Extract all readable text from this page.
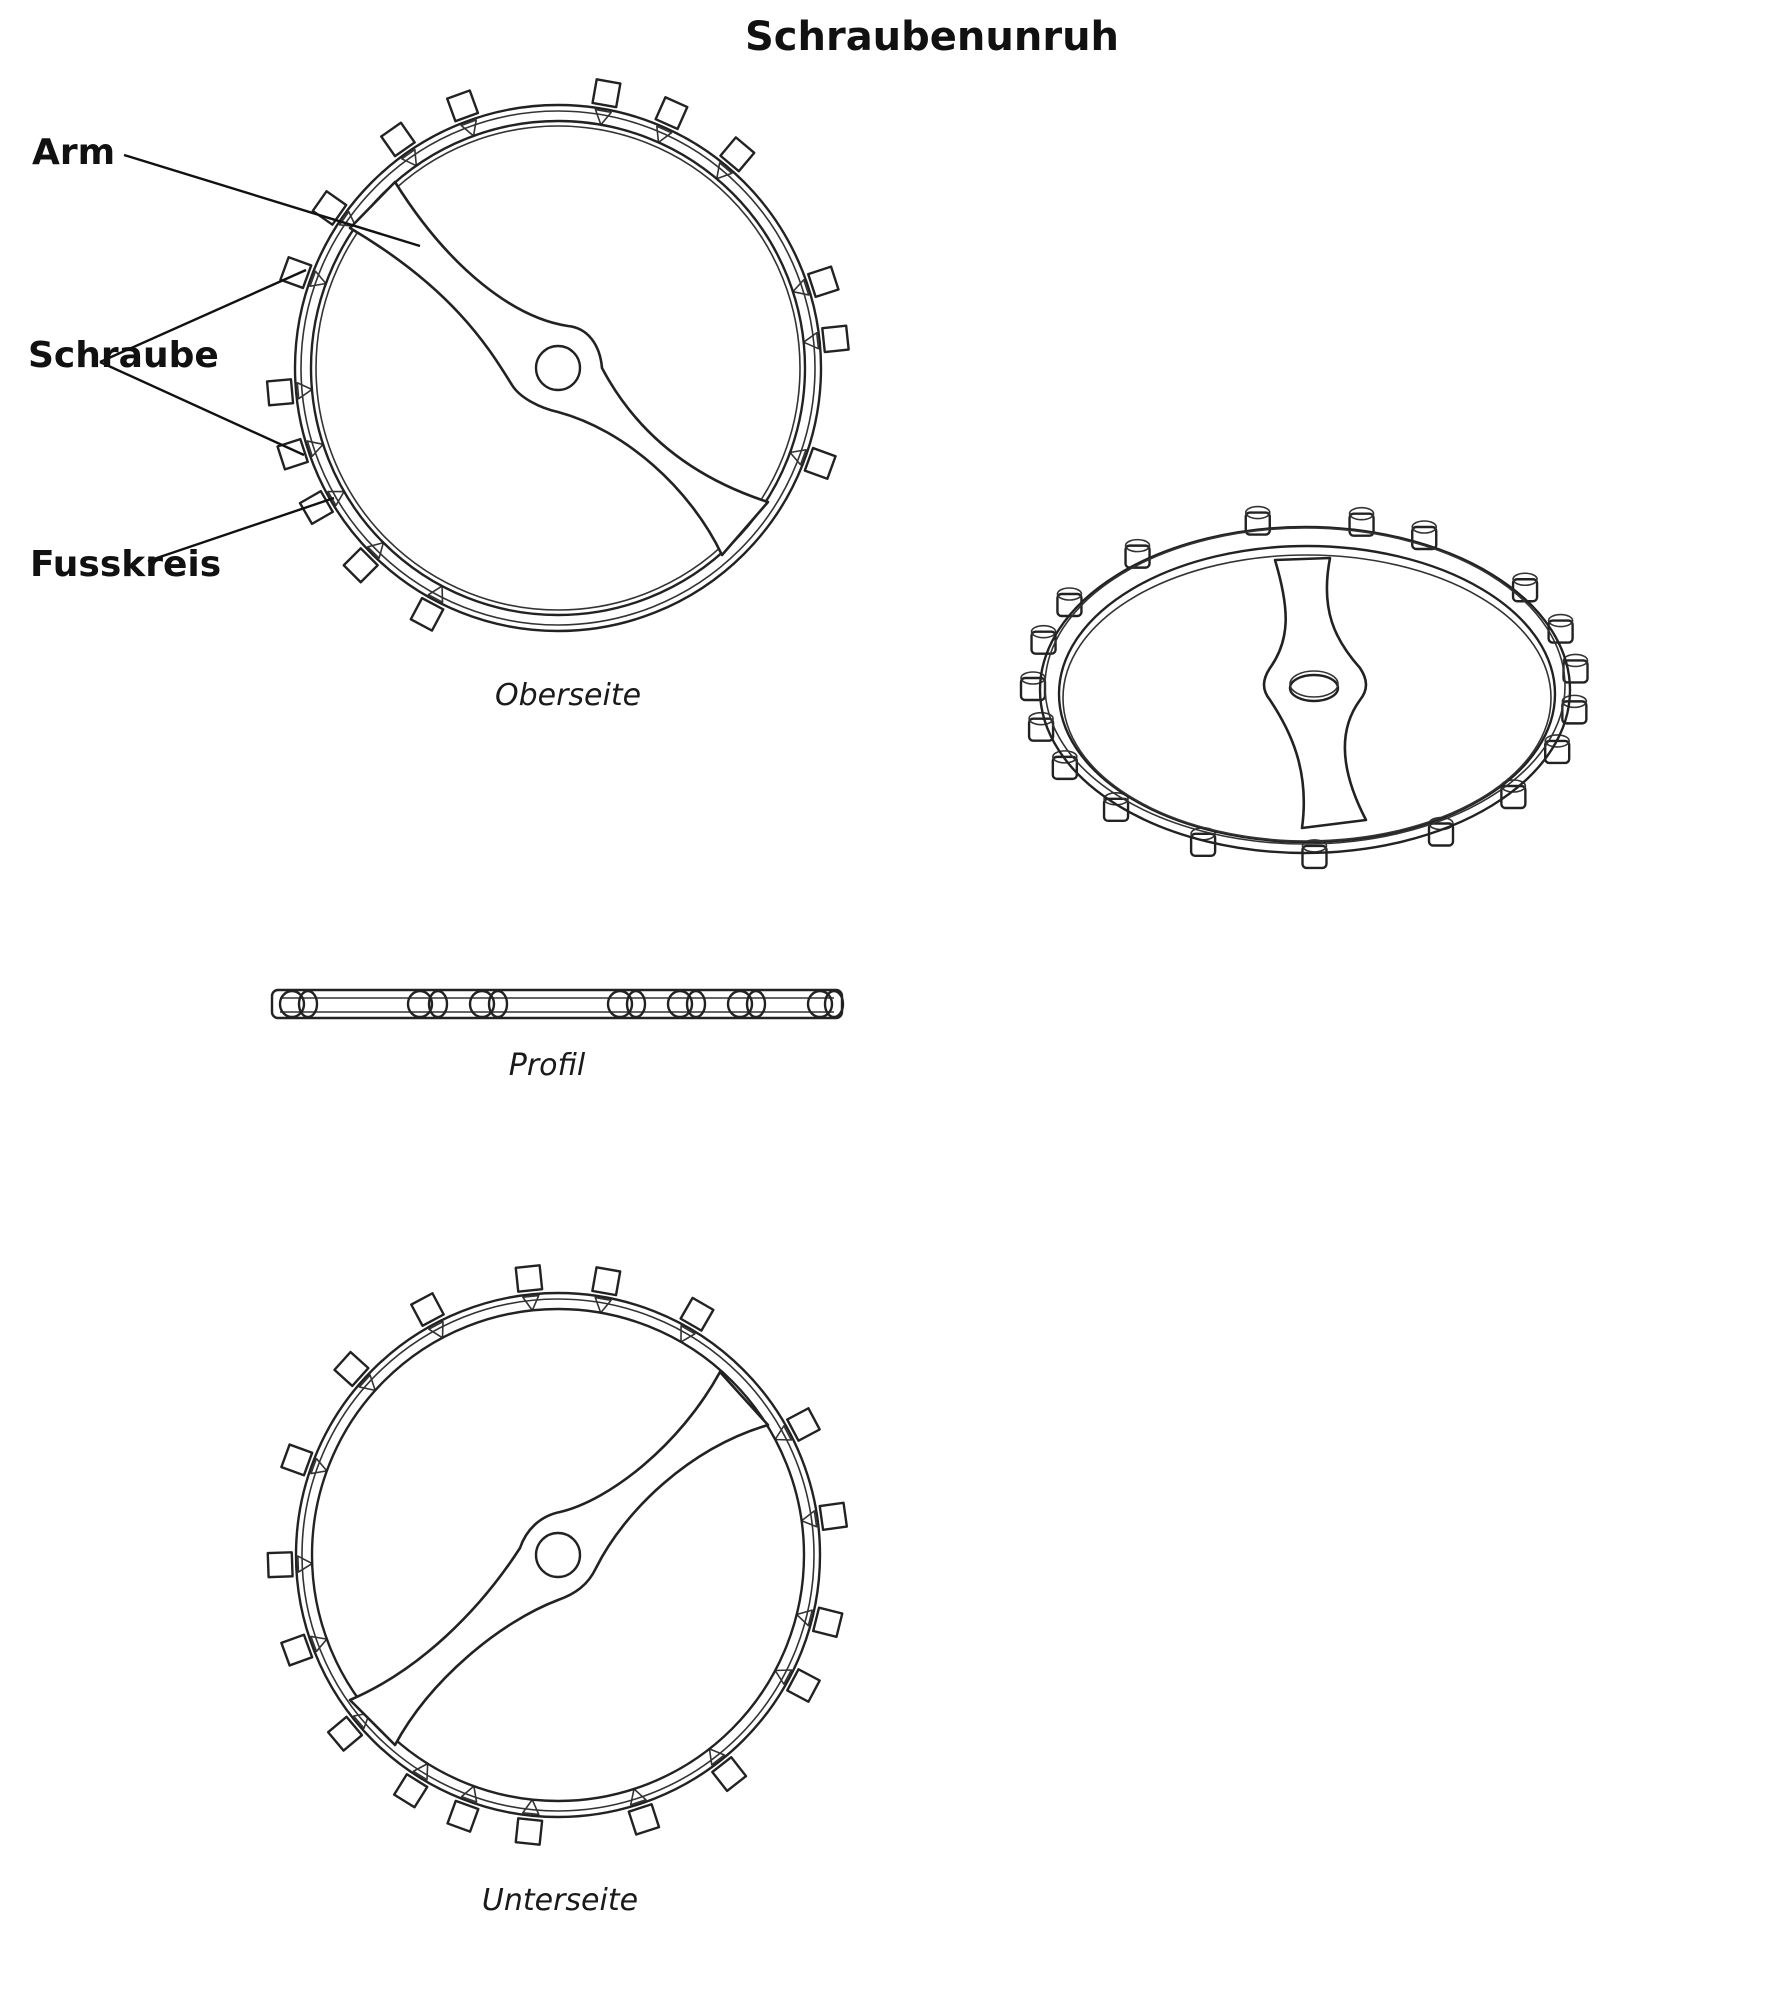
Schraubenunruh
Arm
Schraube
Fusskreis
Oberseite
Profil
Unterseite
